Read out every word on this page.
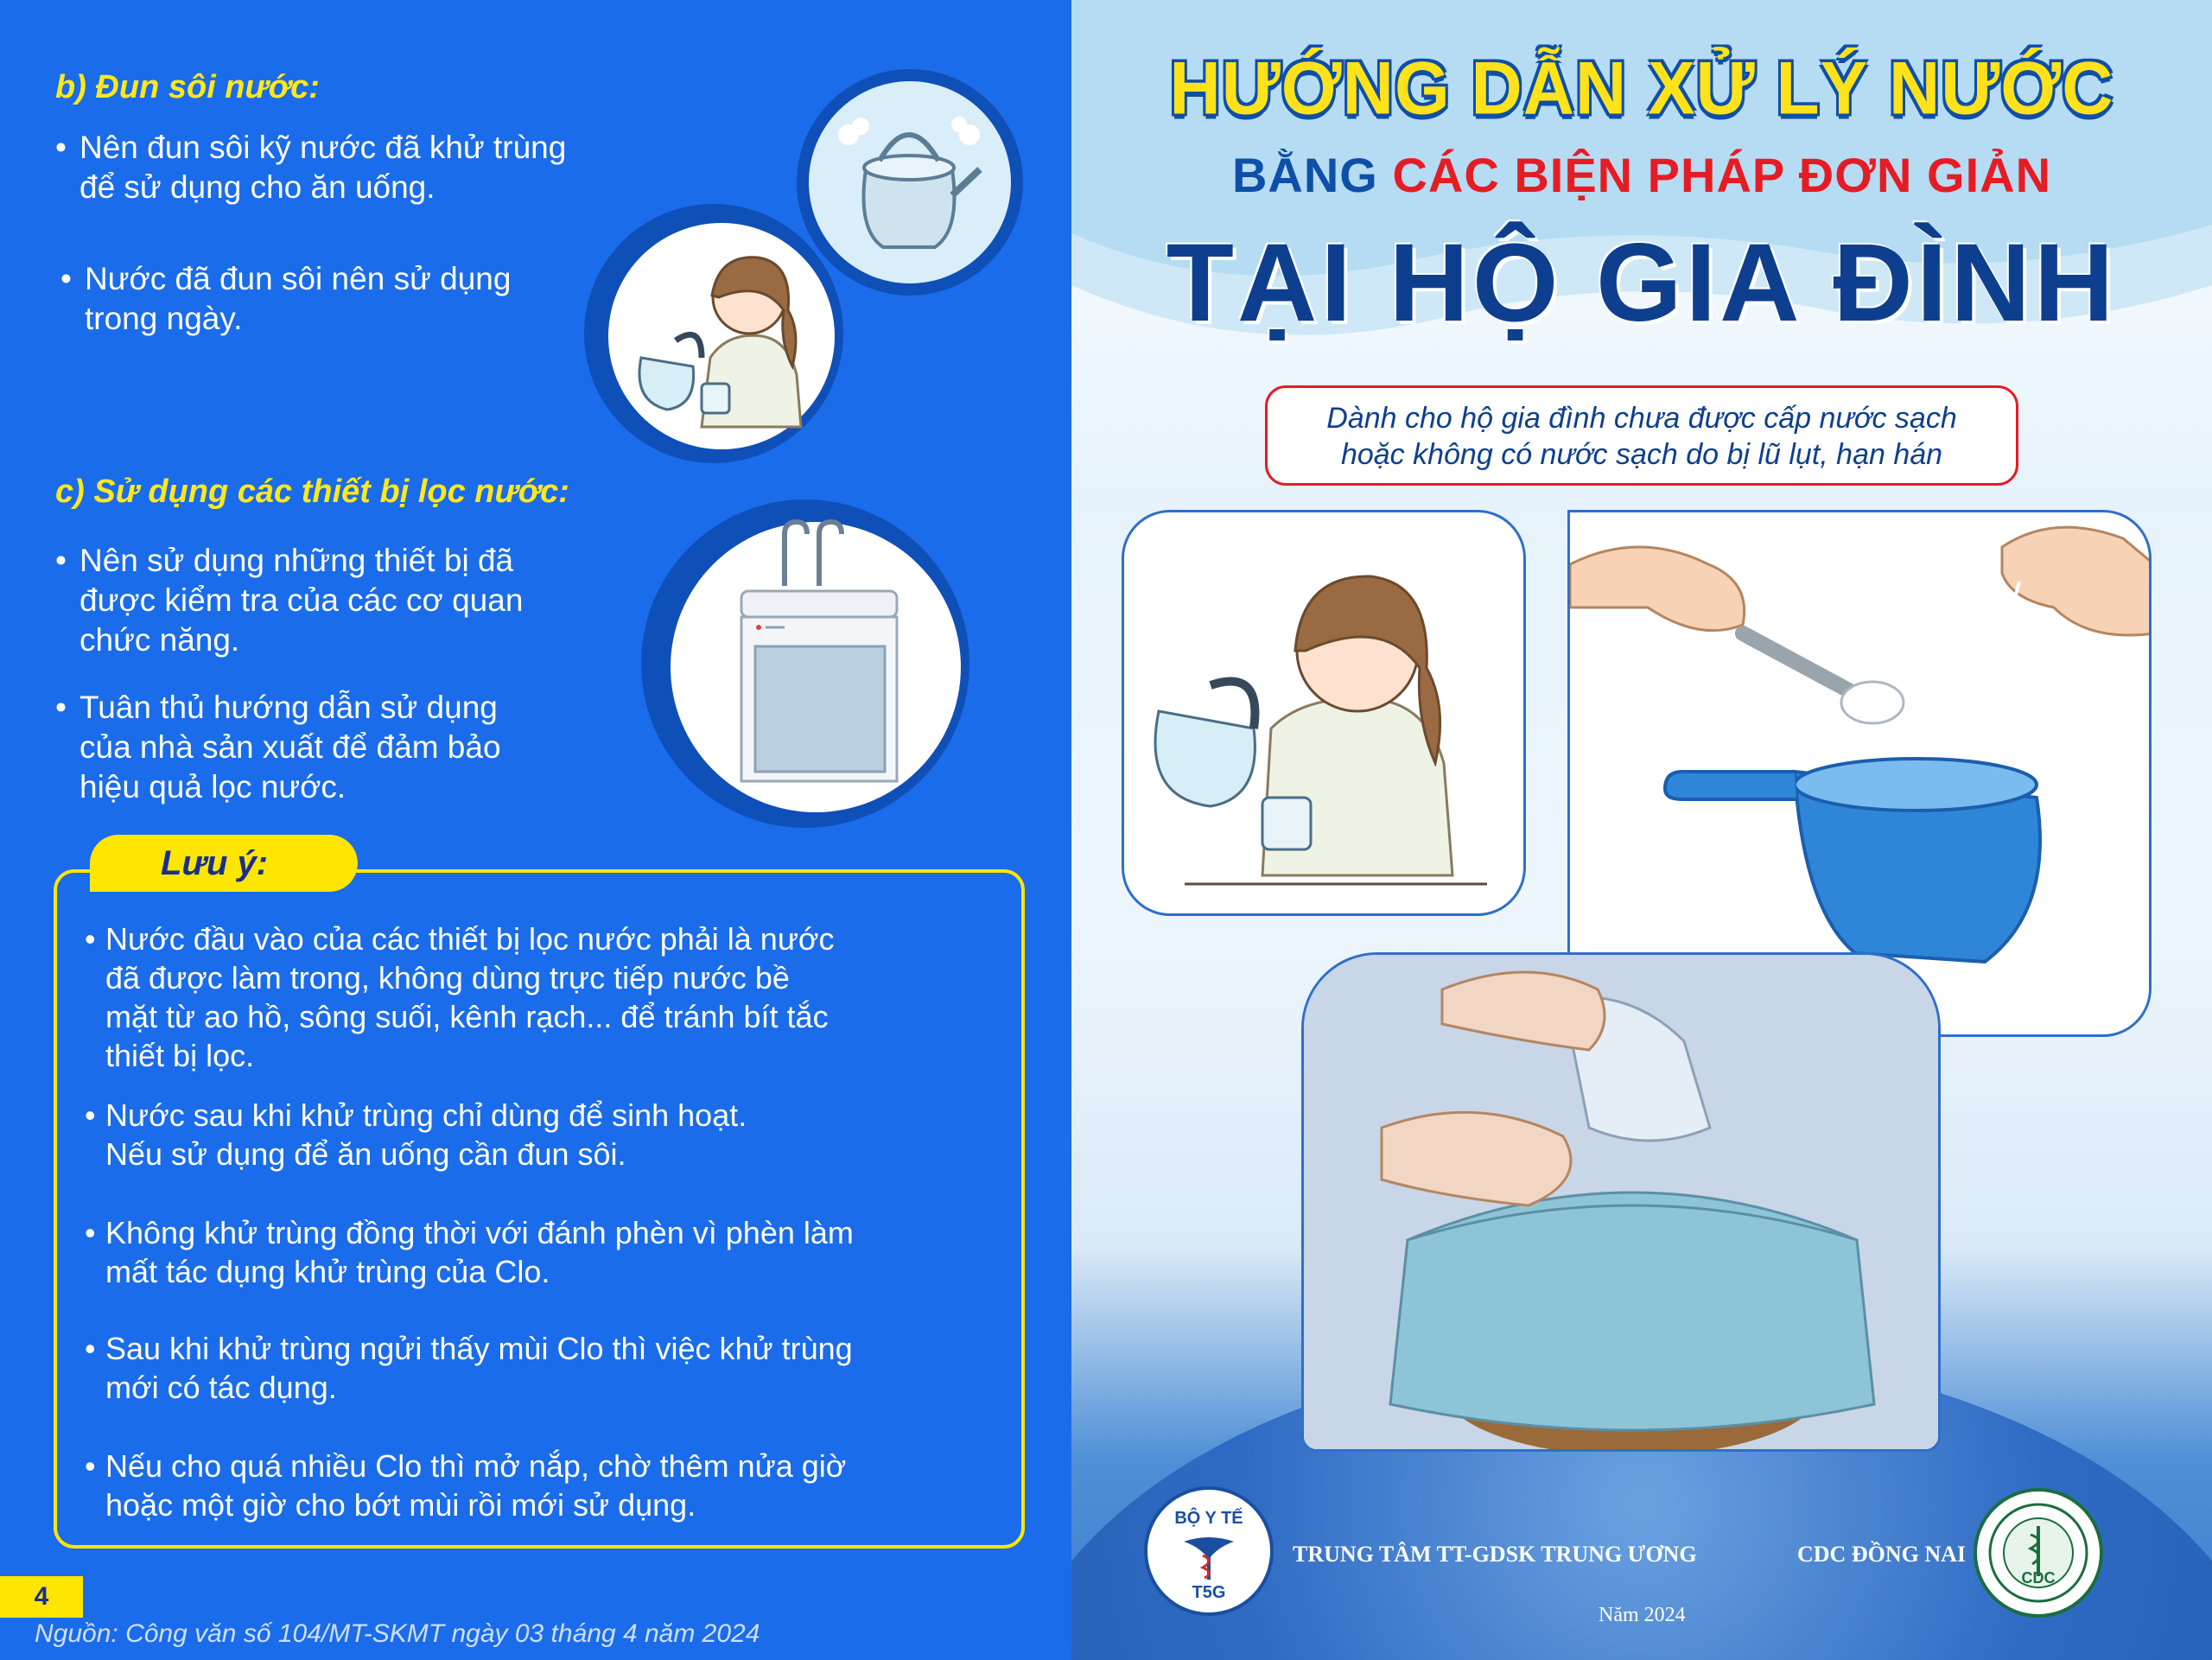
b) Đun sôi nước:
• Nên đun sôi kỹ nước đã khử trùng
để sử dụng cho ăn uống.
• Nước đã đun sôi nên sử dụng
trong ngày.
c) Sử dụng các thiết bị lọc nước:
• Nên sử dụng những thiết bị đã
được kiểm tra của các cơ quan
chức năng.
• Tuân thủ hướng dẫn sử dụng
của nhà sản xuất để đảm bảo
hiệu quả lọc nước.
Lưu ý:
• Nước đầu vào của các thiết bị lọc nước phải là nước
đã được làm trong, không dùng trực tiếp nước bề
mặt từ ao hồ, sông suối, kênh rạch... để tránh bít tắc
thiết bị lọc.
• Nước sau khi khử trùng chỉ dùng để sinh hoạt.
Nếu sử dụng để ăn uống cần đun sôi.
• Không khử trùng đồng thời với đánh phèn vì phèn làm
mất tác dụng khử trùng của Clo.
• Sau khi khử trùng ngửi thấy mùi Clo thì việc khử trùng
mới có tác dụng.
• Nếu cho quá nhiều Clo thì mở nắp, chờ thêm nửa giờ
hoặc một giờ cho bớt mùi rồi mới sử dụng.
4
Nguồn: Công văn số 104/MT-SKMT ngày 03 tháng 4 năm 2024
HƯỚNG DẪN XỬ LÝ NƯỚC
BẰNG CÁC BIỆN PHÁP ĐƠN GIẢN
TẠI HỘ GIA ĐÌNH
Dành cho hộ gia đình chưa được cấp nước sạch
hoặc không có nước sạch do bị lũ lụt, hạn hán
BỘ Y TẾ
T5G
TRUNG TÂM TT-GDSK TRUNG ƯƠNG	CDC ĐỒNG NAI
Năm 2024
CDC
